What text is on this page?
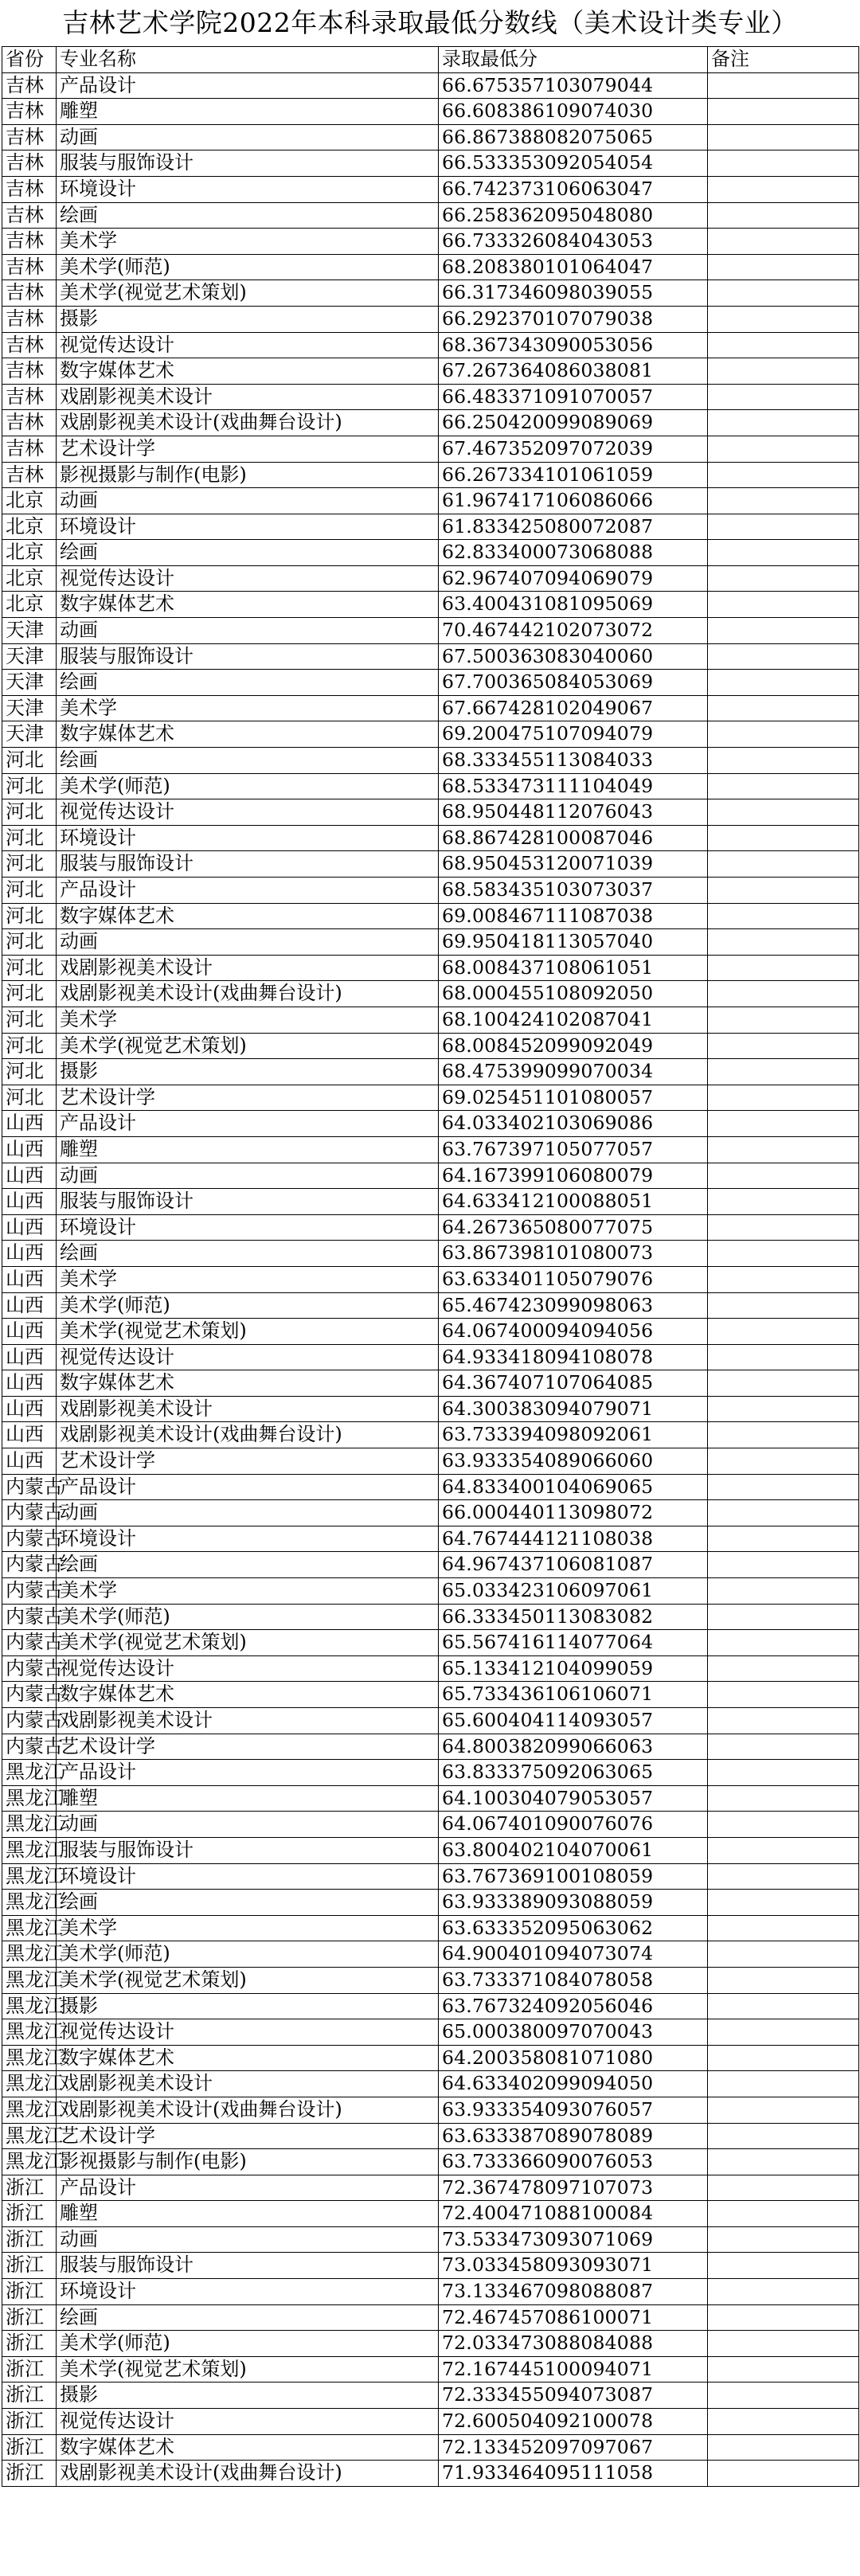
吉林艺术学院2022年本科录取最低分数线（美术设计类专业）
省份	专业名称	录取最低分	备注
吉林	产品设计	66.675357103079044	
吉林	雕塑	66.608386109074030	
吉林	动画	66.867388082075065	
吉林	服装与服饰设计	66.533353092054054	
吉林	环境设计	66.742373106063047	
吉林	绘画	66.258362095048080	
吉林	美术学	66.733326084043053	
吉林	美术学(师范)	68.208380101064047	
吉林	美术学(视觉艺术策划)	66.317346098039055	
吉林	摄影	66.292370107079038	
吉林	视觉传达设计	68.367343090053056	
吉林	数字媒体艺术	67.267364086038081	
吉林	戏剧影视美术设计	66.483371091070057	
吉林	戏剧影视美术设计(戏曲舞台设计)	66.250420099089069	
吉林	艺术设计学	67.467352097072039	
吉林	影视摄影与制作(电影)	66.267334101061059	
北京	动画	61.967417106086066	
北京	环境设计	61.833425080072087	
北京	绘画	62.833400073068088	
北京	视觉传达设计	62.967407094069079	
北京	数字媒体艺术	63.400431081095069	
天津	动画	70.467442102073072	
天津	服装与服饰设计	67.500363083040060	
天津	绘画	67.700365084053069	
天津	美术学	67.667428102049067	
天津	数字媒体艺术	69.200475107094079	
河北	绘画	68.333455113084033	
河北	美术学(师范)	68.533473111104049	
河北	视觉传达设计	68.950448112076043	
河北	环境设计	68.867428100087046	
河北	服装与服饰设计	68.950453120071039	
河北	产品设计	68.583435103073037	
河北	数字媒体艺术	69.008467111087038	
河北	动画	69.950418113057040	
河北	戏剧影视美术设计	68.008437108061051	
河北	戏剧影视美术设计(戏曲舞台设计)	68.000455108092050	
河北	美术学	68.100424102087041	
河北	美术学(视觉艺术策划)	68.008452099092049	
河北	摄影	68.475399099070034	
河北	艺术设计学	69.025451101080057	
山西	产品设计	64.033402103069086	
山西	雕塑	63.767397105077057	
山西	动画	64.167399106080079	
山西	服装与服饰设计	64.633412100088051	
山西	环境设计	64.267365080077075	
山西	绘画	63.867398101080073	
山西	美术学	63.633401105079076	
山西	美术学(师范)	65.467423099098063	
山西	美术学(视觉艺术策划)	64.067400094094056	
山西	视觉传达设计	64.933418094108078	
山西	数字媒体艺术	64.367407107064085	
山西	戏剧影视美术设计	64.300383094079071	
山西	戏剧影视美术设计(戏曲舞台设计)	63.733394098092061	
山西	艺术设计学	63.933354089066060	
内蒙古	产品设计	64.833400104069065	
内蒙古	动画	66.000440113098072	
内蒙古	环境设计	64.767444121108038	
内蒙古	绘画	64.967437106081087	
内蒙古	美术学	65.033423106097061	
内蒙古	美术学(师范)	66.333450113083082	
内蒙古	美术学(视觉艺术策划)	65.567416114077064	
内蒙古	视觉传达设计	65.133412104099059	
内蒙古	数字媒体艺术	65.733436106106071	
内蒙古	戏剧影视美术设计	65.600404114093057	
内蒙古	艺术设计学	64.800382099066063	
黑龙江	产品设计	63.833375092063065	
黑龙江	雕塑	64.100304079053057	
黑龙江	动画	64.067401090076076	
黑龙江	服装与服饰设计	63.800402104070061	
黑龙江	环境设计	63.767369100108059	
黑龙江	绘画	63.933389093088059	
黑龙江	美术学	63.633352095063062	
黑龙江	美术学(师范)	64.900401094073074	
黑龙江	美术学(视觉艺术策划)	63.733371084078058	
黑龙江	摄影	63.767324092056046	
黑龙江	视觉传达设计	65.000380097070043	
黑龙江	数字媒体艺术	64.200358081071080	
黑龙江	戏剧影视美术设计	64.633402099094050	
黑龙江	戏剧影视美术设计(戏曲舞台设计)	63.933354093076057	
黑龙江	艺术设计学	63.633387089078089	
黑龙江	影视摄影与制作(电影)	63.733366090076053	
浙江	产品设计	72.367478097107073	
浙江	雕塑	72.400471088100084	
浙江	动画	73.533473093071069	
浙江	服装与服饰设计	73.033458093093071	
浙江	环境设计	73.133467098088087	
浙江	绘画	72.467457086100071	
浙江	美术学(师范)	72.033473088084088	
浙江	美术学(视觉艺术策划)	72.167445100094071	
浙江	摄影	72.333455094073087	
浙江	视觉传达设计	72.600504092100078	
浙江	数字媒体艺术	72.133452097097067	
浙江	戏剧影视美术设计(戏曲舞台设计)	71.933464095111058	
